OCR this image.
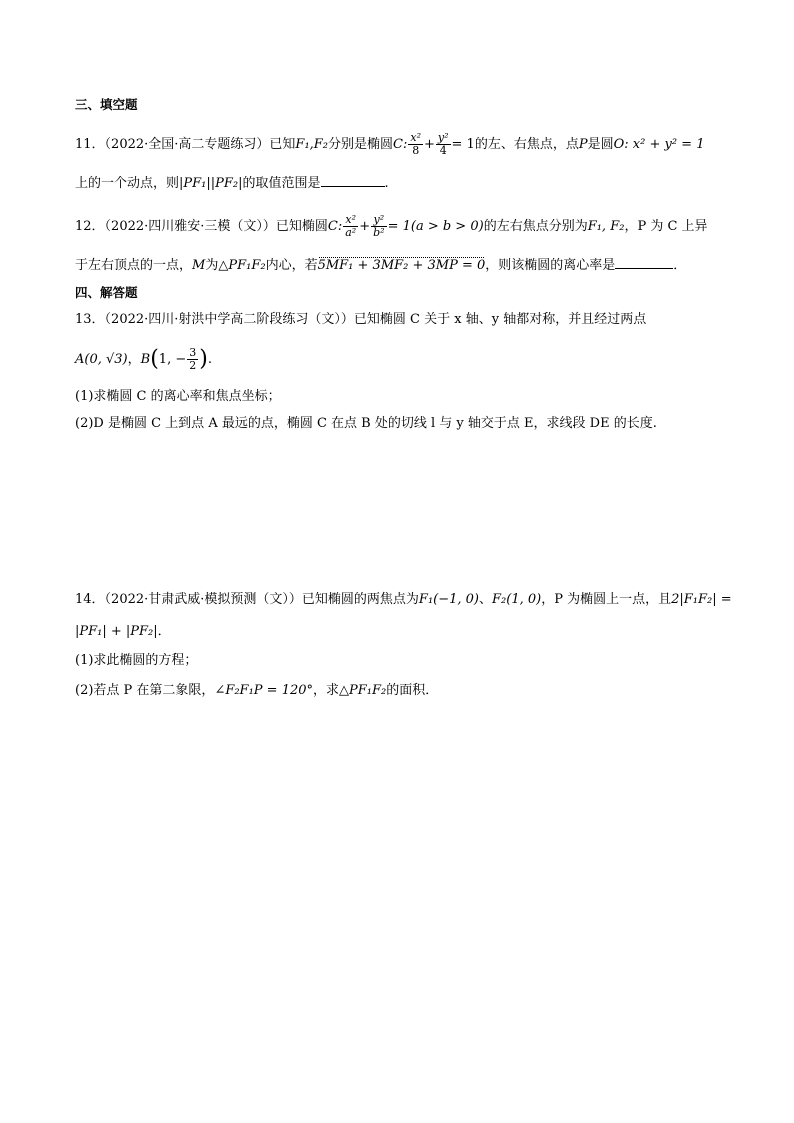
三、填空题
11．（2022·全国·高二专题练习）已知F₁,F₂分别是椭圆C: $\frac{\text{x²}}{8} + \frac{\text{y²}}{4} = 1$的左、右焦点，点P是圆O: x² + y² = 1
上的一个动点，则|PF₁||PF₂|的取值范围是	.
12．（2022·四川雅安·三模（文））已知椭圆C: $\frac{\text{x²}}{\text{a²}} + \frac{\text{y²}}{\text{b²}} = 1(a > b > 0)$的左右焦点分别为F₁, F₂，P 为 C 上异
于左右顶点的一点，M为△PF₁F₂内心，若5MF₁ + 3MF₂ + 3MP = 0，则该椭圆的离心率是	．
四、解答题
13．（2022·四川·射洪中学高二阶段练习（文））已知椭圆 C 关于 x 轴、y 轴都对称，并且经过两点
A(0, √3)，B(1, − $\frac{3}{2}$ ).
(1)求椭圆 C 的离心率和焦点坐标；
(2)D 是椭圆 C 上到点 A 最远的点，椭圆 C 在点 B 处的切线 l 与 y 轴交于点 E，求线段 DE 的长度.
14．（2022·甘肃武威·模拟预测（文））已知椭圆的两焦点为F₁(−1, 0)、F₂(1, 0)，P 为椭圆上一点，且2|F₁F₂| =
|PF₁| + |PF₂|．
(1)求此椭圆的方程；
(2)若点 P 在第二象限，∠F₂F₁P = 120°，求△PF₁F₂的面积．
